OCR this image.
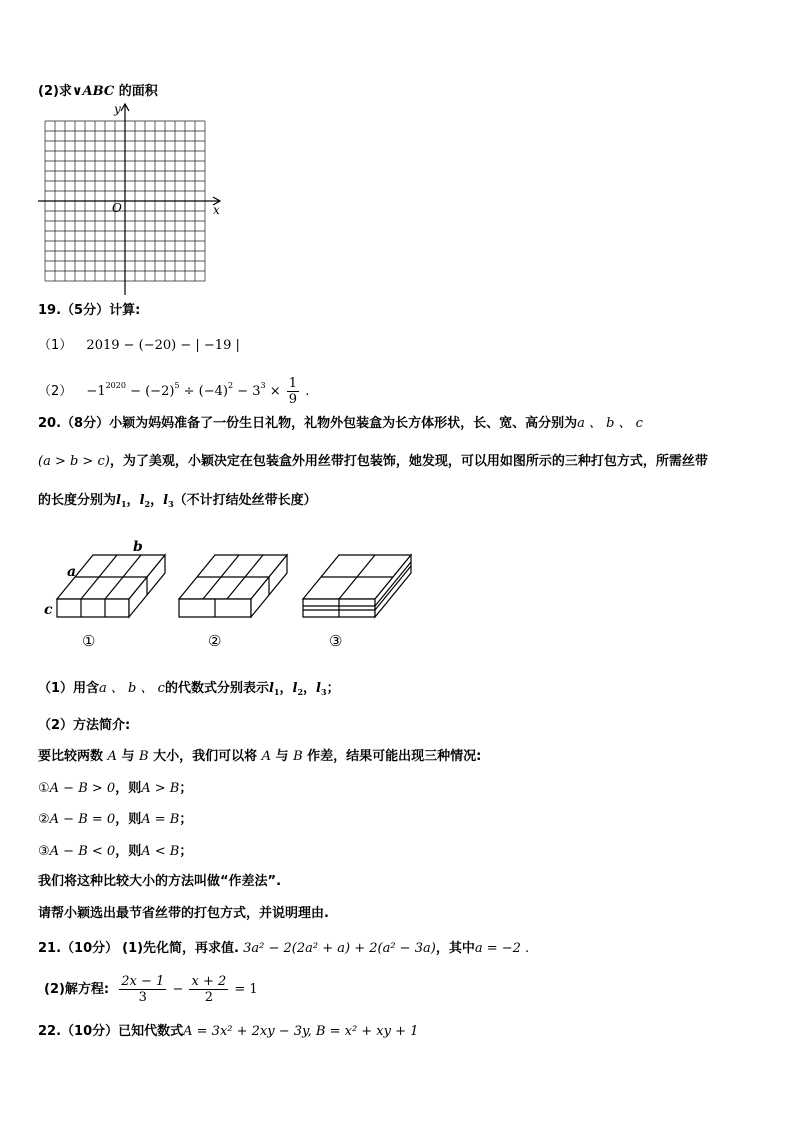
(2)求∨ABC 的面积
y
x
O
19.（5分）计算:
（1） 2019 − (−20) − | −19 |
$(2) -1^{2020} - (-2)^5 \div (-4)^2 - 3^3 \times \frac{1}{9}$ .
20.（8分）小颖为妈妈准备了一份生日礼物，礼物外包装盒为长方体形状，长、宽、高分别为a 、 b 、 c
(a > b > c)，为了美观，小颖决定在包装盒外用丝带打包装饰，她发现，可以用如图所示的三种打包方式，所需丝带
的长度分别为$l_1$，$l_2$，$l_3$（不计打结处丝带长度）
b
a
c
①	②	③
（1）用含a 、 b 、 c的代数式分别表示$l_1$，$l_2$，$l_3$；
（2）方法简介:
要比较两数 A 与 B 大小，我们可以将 A 与 B 作差，结果可能出现三种情况:
①A − B > 0，则A > B；
②A − B = 0，则A = B；
③A − B < 0，则A < B；
我们将这种比较大小的方法叫做“作差法”.
请帮小颖选出最节省丝带的打包方式，并说明理由.
21.（10分） (1)先化简，再求值. 3a² − 2(2a² + a) + 2(a² − 3a)，其中a = −2 .
(2)解方程: $\frac{2x - 1}{3} - \frac{x + 2}{2} = 1$
22.（10分）已知代数式A = 3x² + 2xy − 3y, B = x² + xy + 1
